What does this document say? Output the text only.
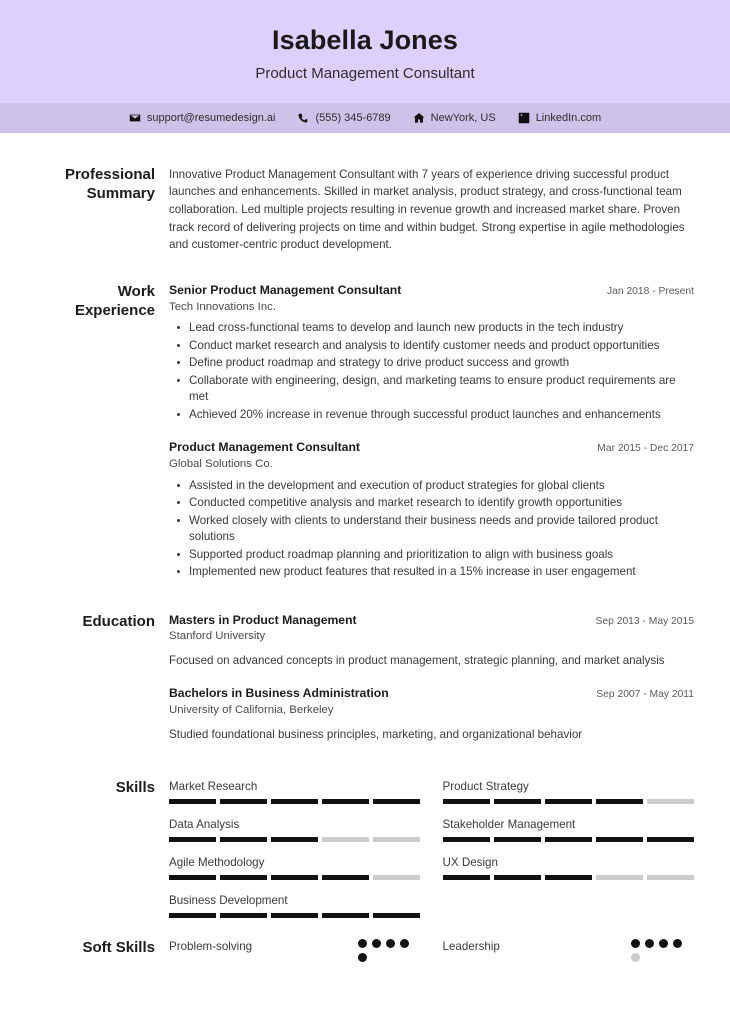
Isabella Jones
Product Management Consultant
support@resumedesign.ai	(555) 345-6789	NewYork, US	LinkedIn.com
Professional Summary
Innovative Product Management Consultant with 7 years of experience driving successful product launches and enhancements. Skilled in market analysis, product strategy, and cross-functional team collaboration. Led multiple projects resulting in revenue growth and increased market share. Proven track record of delivering projects on time and within budget. Strong expertise in agile methodologies and customer-centric product development.
Work Experience
Senior Product Management Consultant	Jan 2018 - Present
Tech Innovations Inc.
Lead cross-functional teams to develop and launch new products in the tech industry
Conduct market research and analysis to identify customer needs and product opportunities
Define product roadmap and strategy to drive product success and growth
Collaborate with engineering, design, and marketing teams to ensure product requirements are met
Achieved 20% increase in revenue through successful product launches and enhancements
Product Management Consultant	Mar 2015 - Dec 2017
Global Solutions Co.
Assisted in the development and execution of product strategies for global clients
Conducted competitive analysis and market research to identify growth opportunities
Worked closely with clients to understand their business needs and provide tailored product solutions
Supported product roadmap planning and prioritization to align with business goals
Implemented new product features that resulted in a 15% increase in user engagement
Education	Masters in Product Management	Sep 2013 - May 2015
Stanford University
Focused on advanced concepts in product management, strategic planning, and market analysis
Bachelors in Business Administration	Sep 2007 - May 2011
University of California, Berkeley
Studied foundational business principles, marketing, and organizational behavior
Skills	Market Research
Data Analysis
Agile Methodology
Business Development
Product Strategy
Stakeholder Management
UX Design
Soft Skills	Problem-solving	Leadership
